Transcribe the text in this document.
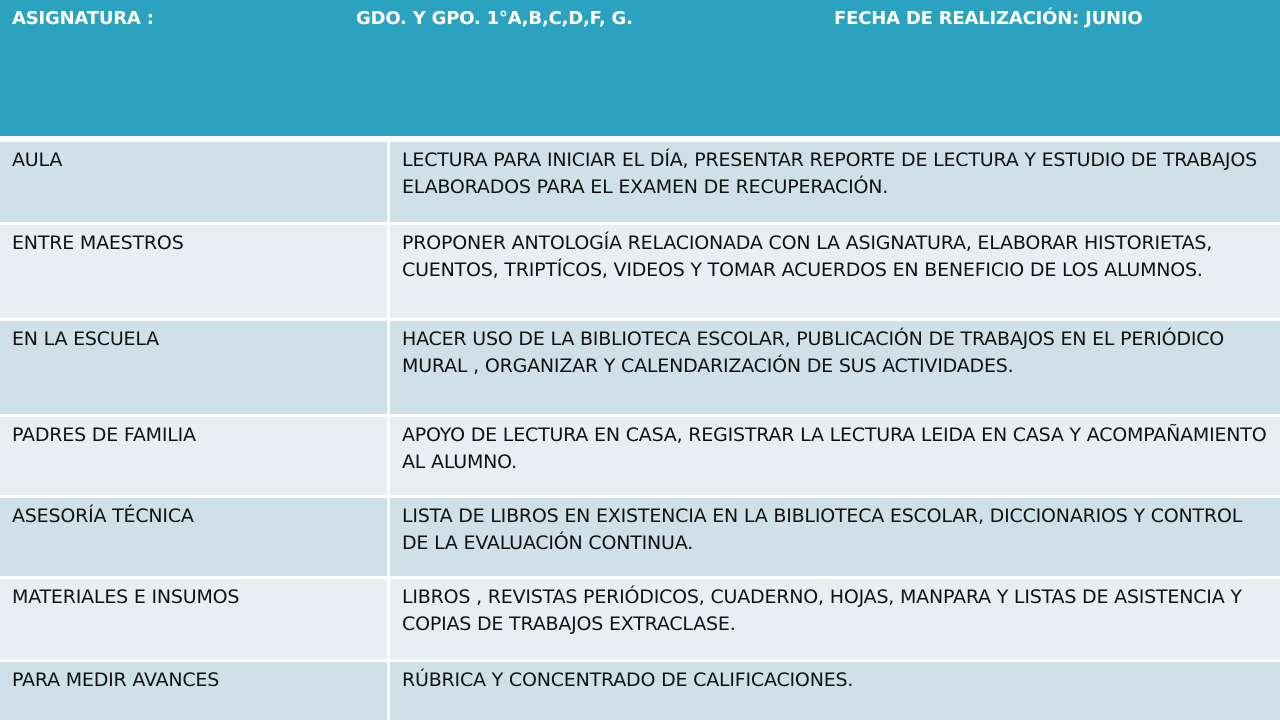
ASIGNATURA :	GDO. Y GPO. 1°A,B,C,D,F, G.	FECHA DE REALIZACIÓN: JUNIO
AULA	LECTURA PARA INICIAR EL DÍA, PRESENTAR REPORTE DE LECTURA Y ESTUDIO DE TRABAJOS ELABORADOS PARA EL EXAMEN DE RECUPERACIÓN.
ENTRE MAESTROS	PROPONER ANTOLOGÍA RELACIONADA CON LA ASIGNATURA, ELABORAR HISTORIETAS, CUENTOS, TRIPTÍCOS, VIDEOS Y TOMAR ACUERDOS EN BENEFICIO DE LOS ALUMNOS.
EN LA ESCUELA	HACER USO DE LA BIBLIOTECA ESCOLAR, PUBLICACIÓN DE TRABAJOS EN EL PERIÓDICO MURAL , ORGANIZAR Y CALENDARIZACIÓN DE SUS ACTIVIDADES.
PADRES DE FAMILIA	APOYO DE LECTURA EN CASA, REGISTRAR LA LECTURA LEIDA EN CASA Y ACOMPAÑAMIENTO AL ALUMNO.
ASESORÍA TÉCNICA	LISTA DE LIBROS EN EXISTENCIA EN LA BIBLIOTECA ESCOLAR, DICCIONARIOS Y CONTROL DE LA EVALUACIÓN CONTINUA.
MATERIALES E INSUMOS	LIBROS , REVISTAS PERIÓDICOS, CUADERNO, HOJAS, MANPARA Y LISTAS DE ASISTENCIA Y COPIAS DE TRABAJOS EXTRACLASE.
PARA MEDIR AVANCES	RÚBRICA Y CONCENTRADO DE CALIFICACIONES.
